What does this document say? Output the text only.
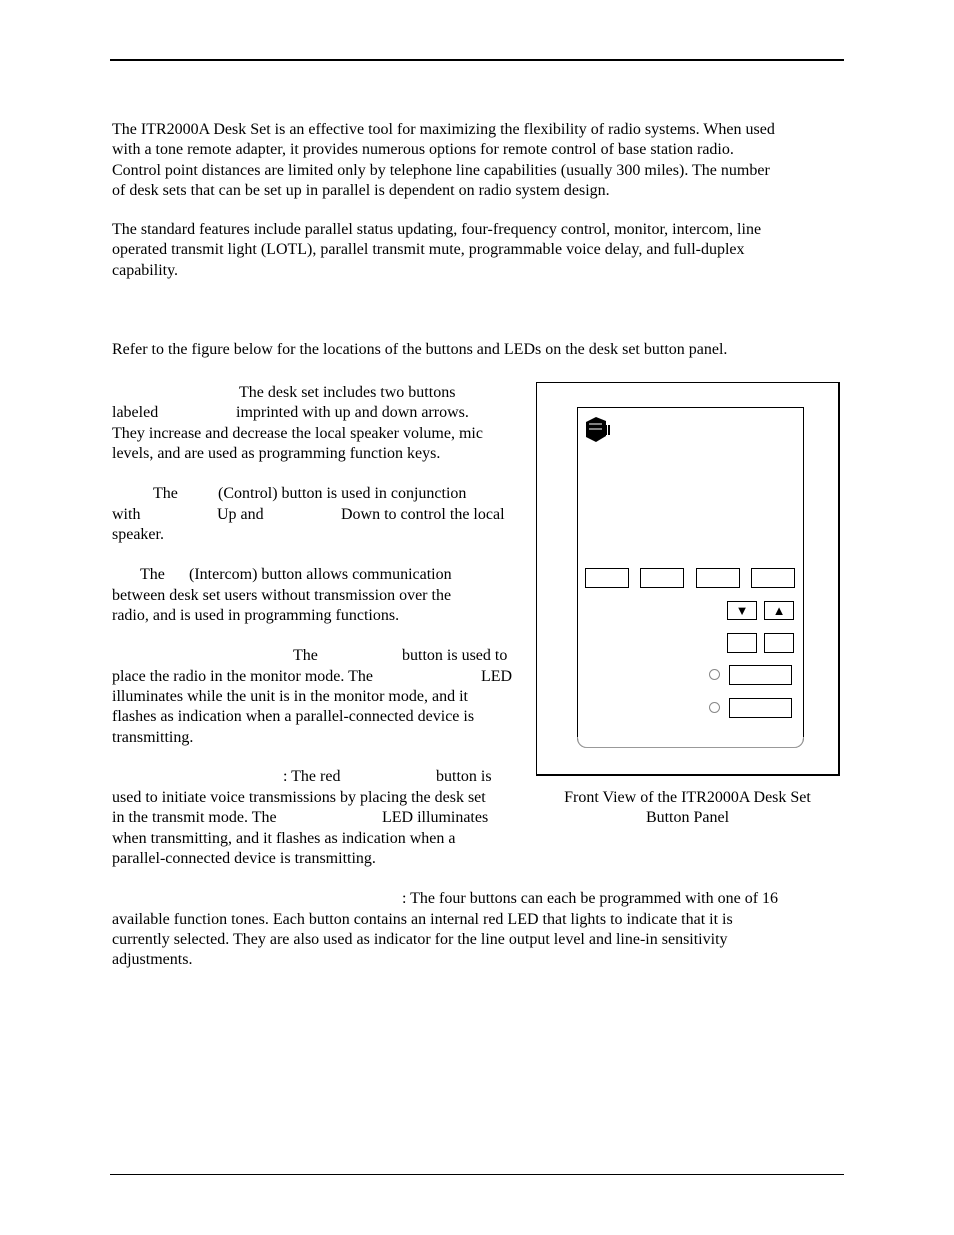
The ITR2000A Desk Set is an effective tool for maximizing the flexibility of radio systems. When used
with a tone remote adapter, it provides numerous options for remote control of base station radio.
Control point distances are limited only by telephone line capabilities (usually 300 miles). The number
of desk sets that can be set up in parallel is dependent on radio system design.
The standard features include parallel status updating, four-frequency control, monitor, intercom, line
operated transmit light (LOTL), parallel transmit mute, programmable voice delay, and full-duplex
capability.
Refer to the figure below for the locations of the buttons and LEDs on the desk set button panel.
The desk set includes two buttons
labeled	imprinted with up and down arrows.
They increase and decrease the local speaker volume, mic
levels, and are used as programming function keys.
The	(Control) button is used in conjunction
with	Up and	Down to control the local
speaker.
The (Intercom) button allows communication
between desk set users without transmission over the
radio, and is used in programming functions.
The	button is used to
place the radio in the monitor mode. The	LED
illuminates while the unit is in the monitor mode, and it
flashes as indication when a parallel-connected device is
transmitting.
: The red	button is
used to initiate voice transmissions by placing the desk set
in the transmit mode. The	LED illuminates
when transmitting, and it flashes as indication when a
parallel-connected device is transmitting.
: The four buttons can each be programmed with one of 16
available function tones. Each button contains an internal red LED that lights to indicate that it is
currently selected. They are also used as indicator for the line output level and line-in sensitivity
adjustments.
▼	▲
Front View of the ITR2000A Desk Set
Button Panel
